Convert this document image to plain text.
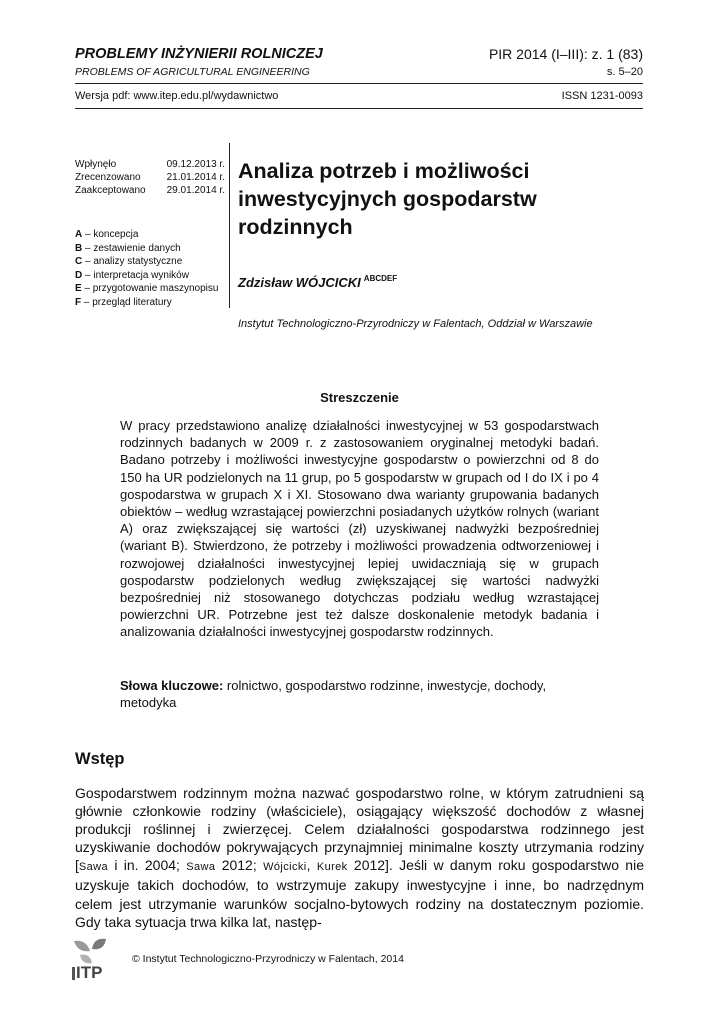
PROBLEMY INŻYNIERII ROLNICZEJ
PROBLEMS OF AGRICULTURAL ENGINEERING
PIR 2014 (I–III): z. 1 (83)
s. 5–20
Wersja pdf: www.itep.edu.pl/wydawnictwo	ISSN 1231-0093
Wpłynęło	09.12.2013 r.
Zrecenzowano	21.01.2014 r.
Zaakceptowano 29.01.2014 r.
A – koncepcja
B – zestawienie danych
C – analizy statystyczne
D – interpretacja wyników
E – przygotowanie maszynopisu
F – przegląd literatury
Analiza potrzeb i możliwości inwestycyjnych gospodarstw rodzinnych
Zdzisław WÓJCICKI $^{ABCDEF}$
Instytut Technologiczno-Przyrodniczy w Falentach, Oddział w Warszawie
Streszczenie
W pracy przedstawiono analizę działalności inwestycyjnej w 53 gospodarstwach rodzinnych badanych w 2009 r. z zastosowaniem oryginalnej metodyki badań. Badano potrzeby i możliwości inwestycyjne gospodarstw o powierzchni od 8 do 150 ha UR podzielonych na 11 grup, po 5 gospodarstw w grupach od I do IX i po 4 gospodarstwa w grupach X i XI. Stosowano dwa warianty grupowania badanych obiektów – według wzrastającej powierzchni posiadanych użytków rolnych (wariant A) oraz zwiększającej się wartości (zł) uzyskiwanej nadwyżki bezpośredniej (wariant B). Stwierdzono, że potrzeby i możliwości prowadzenia odtworzeniowej i rozwojowej działalności inwestycyjnej lepiej uwidaczniają się w grupach gospodarstw podzielonych według zwiększającej się wartości nadwyżki bezpośredniej niż stosowanego dotychczas podziału według wzrastającej powierzchni UR. Potrzebne jest też dalsze doskonalenie metodyk badania i analizowania działalności inwestycyjnej gospodarstw rodzinnych.
Słowa kluczowe: rolnictwo, gospodarstwo rodzinne, inwestycje, dochody, metodyka
Wstęp
Gospodarstwem rodzinnym można nazwać gospodarstwo rolne, w którym zatrudnieni są głównie członkowie rodziny (właściciele), osiągający większość dochodów z własnej produkcji roślinnej i zwierzęcej. Celem działalności gospodarstwa rodzinnego jest uzyskiwanie dochodów pokrywających przynajmniej minimalne koszty utrzymania rodziny [Sawa i in. 2004; Sawa 2012; Wójcicki, Kurek 2012]. Jeśli w danym roku gospodarstwo nie uzyskuje takich dochodów, to wstrzymuje zakupy inwestycyjne i inne, bo nadrzędnym celem jest utrzymanie warunków socjalno-bytowych rodziny na dostatecznym poziomie. Gdy taka sytuacja trwa kilka lat, następ-
ITP
© Instytut Technologiczno-Przyrodniczy w Falentach, 2014
